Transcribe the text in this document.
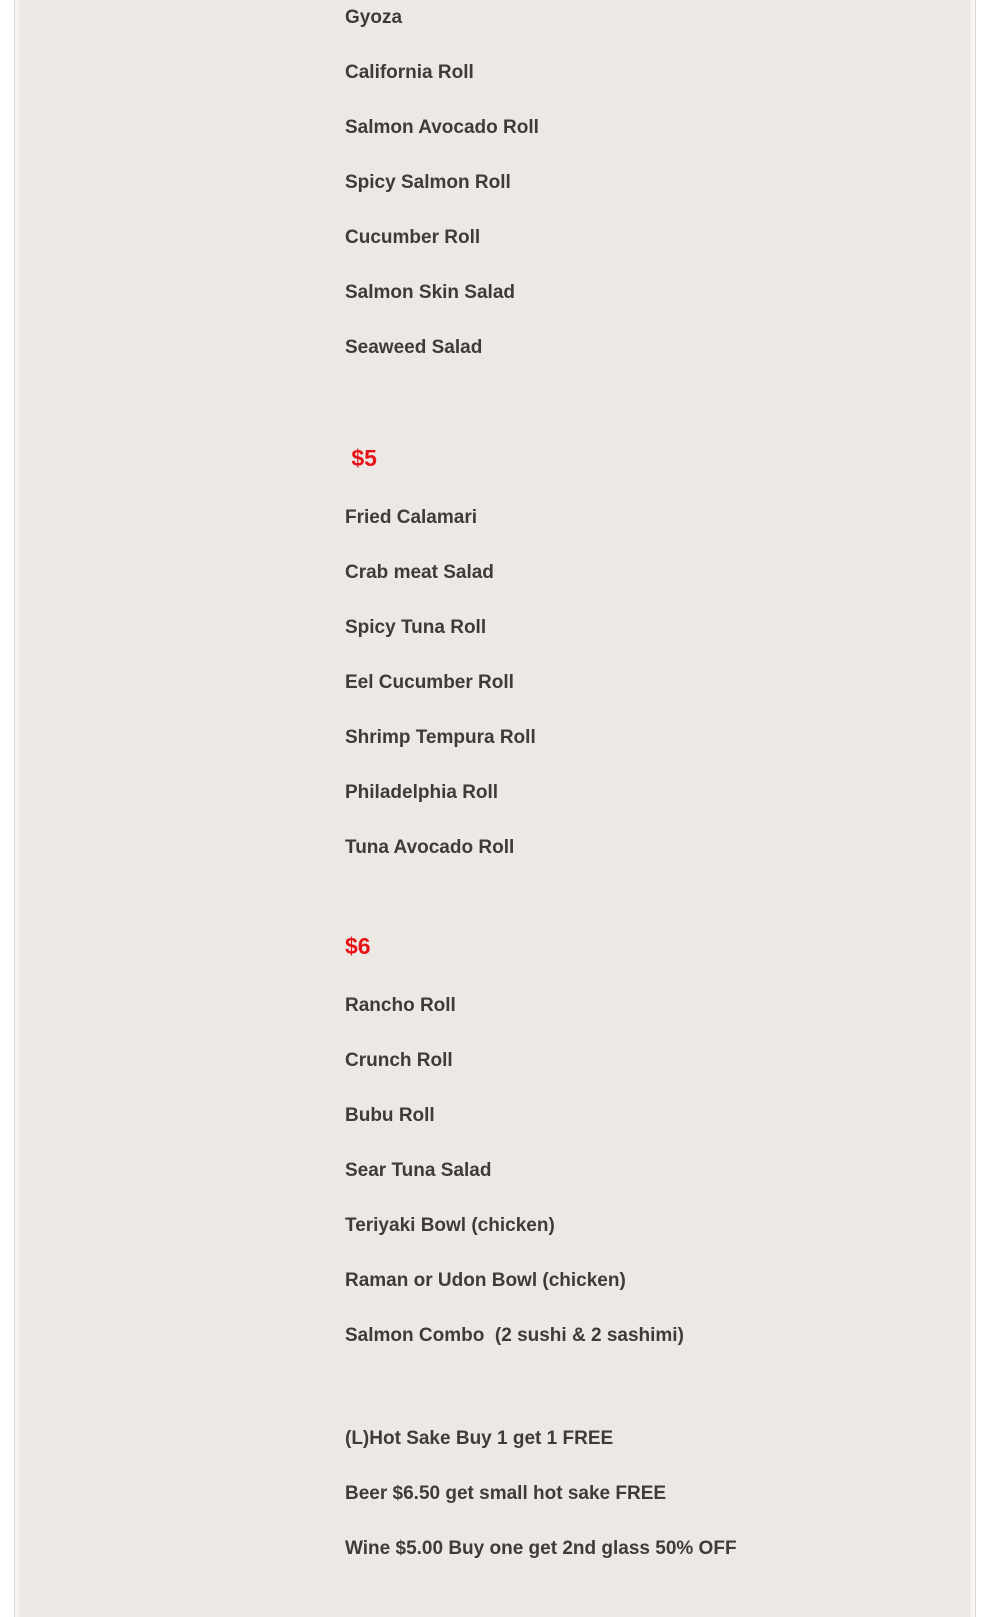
Gyoza

California Roll

Salmon Avocado Roll

Spicy Salmon Roll

Cucumber Roll

Salmon Skin Salad

Seaweed Salad

$5

Fried Calamari

Crab meat Salad

Spicy Tuna Roll

Eel Cucumber Roll

Shrimp Tempura Roll

Philadelphia Roll

Tuna Avocado Roll

$6

Rancho Roll

Crunch Roll

Bubu Roll

Sear Tuna Salad

Teriyaki Bowl (chicken)

Raman or Udon Bowl (chicken)

Salmon Combo  (2 sushi & 2 sashimi)

(L)Hot Sake Buy 1 get 1 FREE

Beer $6.50 get small hot sake FREE

Wine $5.00 Buy one get 2nd glass 50% OFF
